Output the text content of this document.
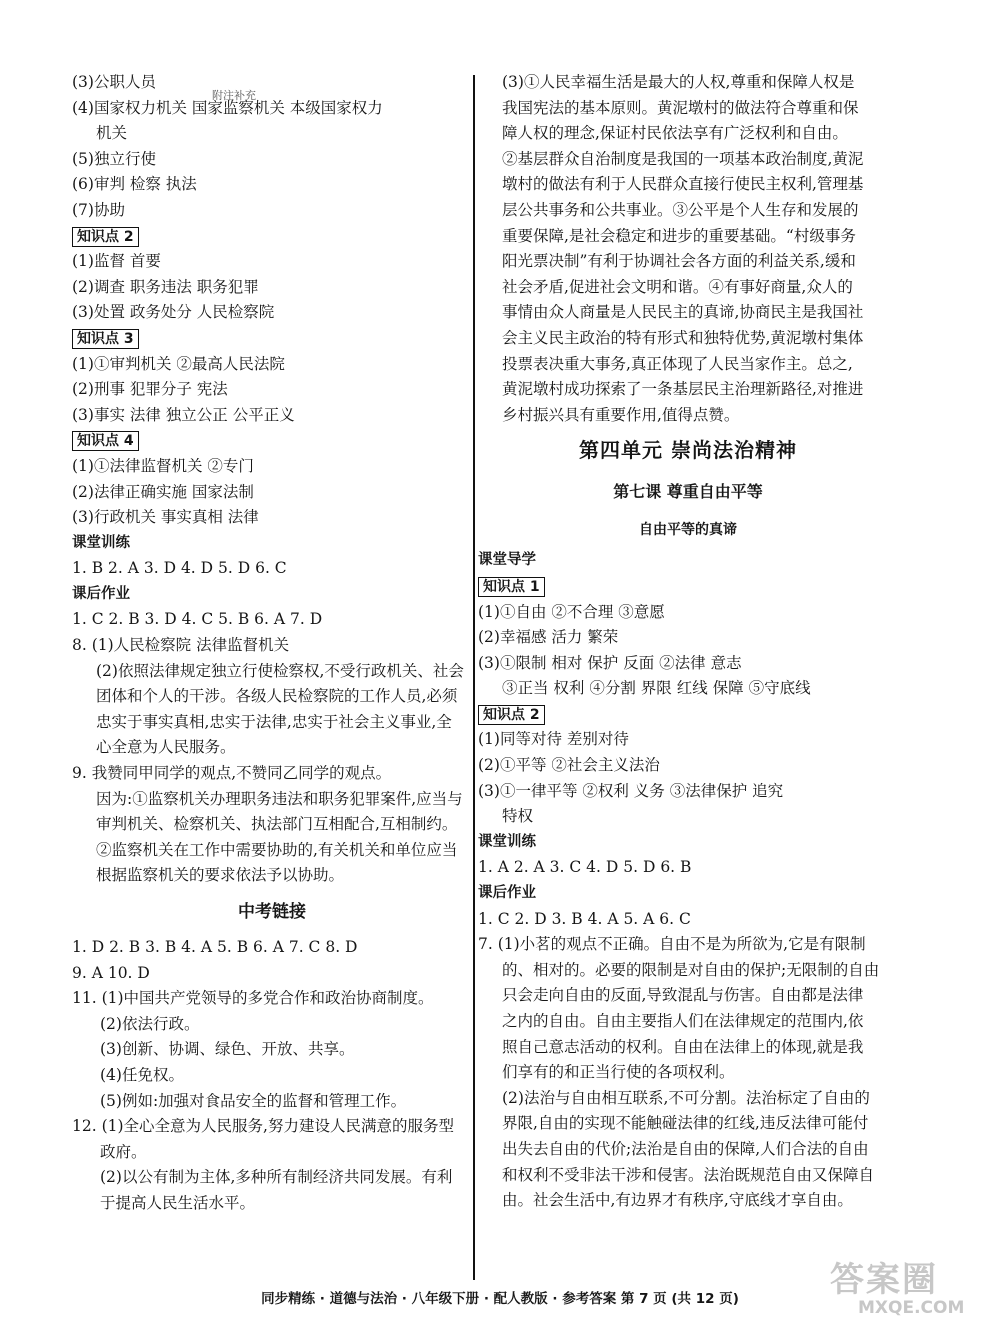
(3)公职人员
(4)国家权力机关 国家监察机关 本级国家权力
机关
(5)独立行使
(6)审判 检察 执法
(7)协助
知识点 2
(1)监督 首要
(2)调查 职务违法 职务犯罪
(3)处置 政务处分 人民检察院
知识点 3
(1)①审判机关 ②最高人民法院
(2)刑事 犯罪分子 宪法
(3)事实 法律 独立公正 公平正义
知识点 4
(1)①法律监督机关 ②专门
(2)法律正确实施 国家法制
(3)行政机关 事实真相 法律
课堂训练
1. B 2. A 3. D 4. D 5. D 6. C
课后作业
1. C 2. B 3. D 4. C 5. B 6. A 7. D
8. (1)人民检察院 法律监督机关
(2)依照法律规定独立行使检察权,不受行政机关、社会
团体和个人的干涉。各级人民检察院的工作人员,必须
忠实于事实真相,忠实于法律,忠实于社会主义事业,全
心全意为人民服务。
9. 我赞同甲同学的观点,不赞同乙同学的观点。
因为:①监察机关办理职务违法和职务犯罪案件,应当与
审判机关、检察机关、执法部门互相配合,互相制约。
②监察机关在工作中需要协助的,有关机关和单位应当
根据监察机关的要求依法予以协助。
中考链接
1. D 2. B 3. B 4. A 5. B 6. A 7. C 8. D
9. A 10. D
11. (1)中国共产党领导的多党合作和政治协商制度。
(2)依法行政。
(3)创新、协调、绿色、开放、共享。
(4)任免权。
(5)例如:加强对食品安全的监督和管理工作。
12. (1)全心全意为人民服务,努力建设人民满意的服务型
政府。
(2)以公有制为主体,多种所有制经济共同发展。有利
于提高人民生活水平。
(3)①人民幸福生活是最大的人权,尊重和保障人权是
我国宪法的基本原则。黄泥墩村的做法符合尊重和保
障人权的理念,保证村民依法享有广泛权利和自由。
②基层群众自治制度是我国的一项基本政治制度,黄泥
墩村的做法有利于人民群众直接行使民主权利,管理基
层公共事务和公共事业。③公平是个人生存和发展的
重要保障,是社会稳定和进步的重要基础。“村级事务
阳光票决制”有利于协调社会各方面的利益关系,缓和
社会矛盾,促进社会文明和谐。④有事好商量,众人的
事情由众人商量是人民民主的真谛,协商民主是我国社
会主义民主政治的特有形式和独特优势,黄泥墩村集体
投票表决重大事务,真正体现了人民当家作主。总之,
黄泥墩村成功探索了一条基层民主治理新路径,对推进
乡村振兴具有重要作用,值得点赞。
第四单元 崇尚法治精神
第七课 尊重自由平等
自由平等的真谛
课堂导学
知识点 1
(1)①自由 ②不合理 ③意愿
(2)幸福感 活力 繁荣
(3)①限制 相对 保护 反面 ②法律 意志
③正当 权利 ④分割 界限 红线 保障 ⑤守底线
知识点 2
(1)同等对待 差别对待
(2)①平等 ②社会主义法治
(3)①一律平等 ②权利 义务 ③法律保护 追究
特权
课堂训练
1. A 2. A 3. C 4. D 5. D 6. B
课后作业
1. C 2. D 3. B 4. A 5. A 6. C
7. (1)小茗的观点不正确。自由不是为所欲为,它是有限制
的、相对的。必要的限制是对自由的保护;无限制的自由
只会走向自由的反面,导致混乱与伤害。自由都是法律
之内的自由。自由主要指人们在法律规定的范围内,依
照自己意志活动的权利。自由在法律上的体现,就是我
们享有的和正当行使的各项权利。
(2)法治与自由相互联系,不可分割。法治标定了自由的
界限,自由的实现不能触碰法律的红线,违反法律可能付
出失去自由的代价;法治是自由的保障,人们合法的自由
和权利不受非法干涉和侵害。法治既规范自由又保障自
由。社会生活中,有边界才有秩序,守底线才享自由。
附注补充
同步精练 · 道德与法治 · 八年级下册 · 配人教版 · 参考答案 第 7 页 (共 12 页)	答案圈
MXQE.COM
